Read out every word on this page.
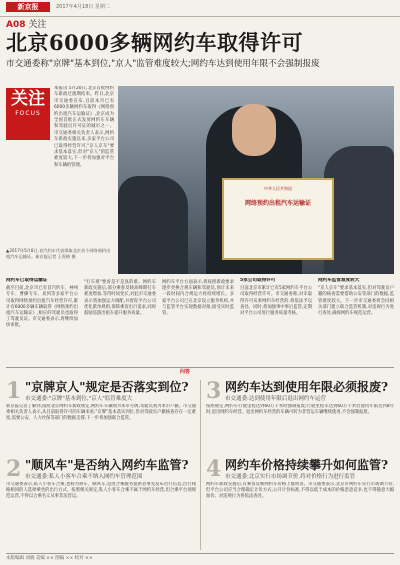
新京报	2017年4月18日 星期二
A08 关注
北京6000多辆网约车取得许可
市交通委称"京牌"基本到位,"京人"监管难度较大;网约车达到使用年限不会强制报废
关注
FOCUS
本报讯 5月20日,北京首批网约车新政过渡期结束。昨日,北京市交通委宣布,目前本市已有6000多辆网约车取得《网络预约出租汽车运输证》,北京成为全国首批正式发放网约车车辆和驾驶员许可证的城市之一。市交通委相关负责人表示,网约车新政实施以来,多家平台公司已取得经营许可,"京人京车"要求基本落实,但对"京人"的监管难度较大,下一步将加强对平台和车辆的管理。
中华人民共和国
网络预约出租汽车运输证
▲2017年5月8日,首汽约车代表领取北京首个网络预约出租汽车运输证。新京报记者 王贵彬 摄
网约车已取得运输证
截至目前,北京市已有首汽约车、神州专车、曹操专车、易到等多家平台公司取得网络预约出租汽车经营许可,累计有6000多辆车辆取得《网络预约出租汽车运输证》,相应的驾驶员也取得了驾驶员证。市交通委表示,将继续加快审批。
"打车难"要看是不是真的难。网约车新政实施后,部分乘客反映高峰期打车难度增加,等待时间变长,对此市交通委表示将加强运力调配,并督促平台公司优化派单规则,保障乘客出行需求,同时鼓励巡游出租车提升服务质量。
网约车平台方面表示,将按照新政要求逐步更换合规车辆和驾驶员,预计未来一段时间内合规运力将持续增长。多家平台公司已在北京设立服务机构,并与监管平台实现数据对接,接受实时监管。
5家公司取得许可
目前北京市累计已有5家网约车平台公司取得经营许可。市交通委称,对未取得许可从事网约车经营的,将依法予以查处。同时,将加强事中事后监管,定期对平台公司进行服务质量考核。
网约车监管难度较大
"京人京车"要求基本落实,但对驾驶员户籍的核查需要借助公安等部门的数据,监管难度较大。下一步市交通委将会同相关部门建立联合监管机制,对违规行为进行查处,确保网约车规范运营。
问答
1 "京牌京人"规定是否落实到位?
市交通委:"京牌"基本到位,"京人"监管难度大
新京报记者了解到,按照北京网约车新政规定,网约车车辆须为本市号牌,驾驶员须为本市户籍。市交通委相关负责人表示,从目前取得许可的车辆来看,"京牌"基本落实到位,但对驾驶员户籍核查存在一定难度,需要公安、人力社保等部门的数据支撑,下一步将加强联合监管。
2 "顺风车"是否纳入网约车监管?
市交通委:私人小客车合乘不纳入网约车管理范围
市交通委表示,私人小客车合乘,也称为拼车、顺风车,是由合乘服务提供者事先发布出行信息,出行线路相同的人选择乘坐的出行方式。按照相关规定,私人小客车合乘不属于网约车经营,但合乘平台须规范运营,不得以合乘名义从事非法营运。
3 网约车达到使用年限必须报废?
市交通委:达到使用年限后退出网约车运营
按照规定,网约车行驶里程达到60万千米时强制报废;行驶里程未达到60万千米但使用年限达到8年时,退出网约车经营。退出网约车经营的车辆可转为非营运车辆继续使用,不会强制报废。
4 网约车价格持续攀升如何监管?
市交通委:北京实行市场调节价,将对价格行为进行监管
网约车新政实施后,有乘客反映网约车价格上涨明显。市交通委表示,北京市网约车实行市场调节价,但平台公司应当合理确定计价方式,公开计价标准,不得以低于成本的价格恶意竞争,也不得随意大幅加价。对违规行为将依法查处。
本版编辑 刘晓 美编 ×× 图编 ×× 校对 ××
